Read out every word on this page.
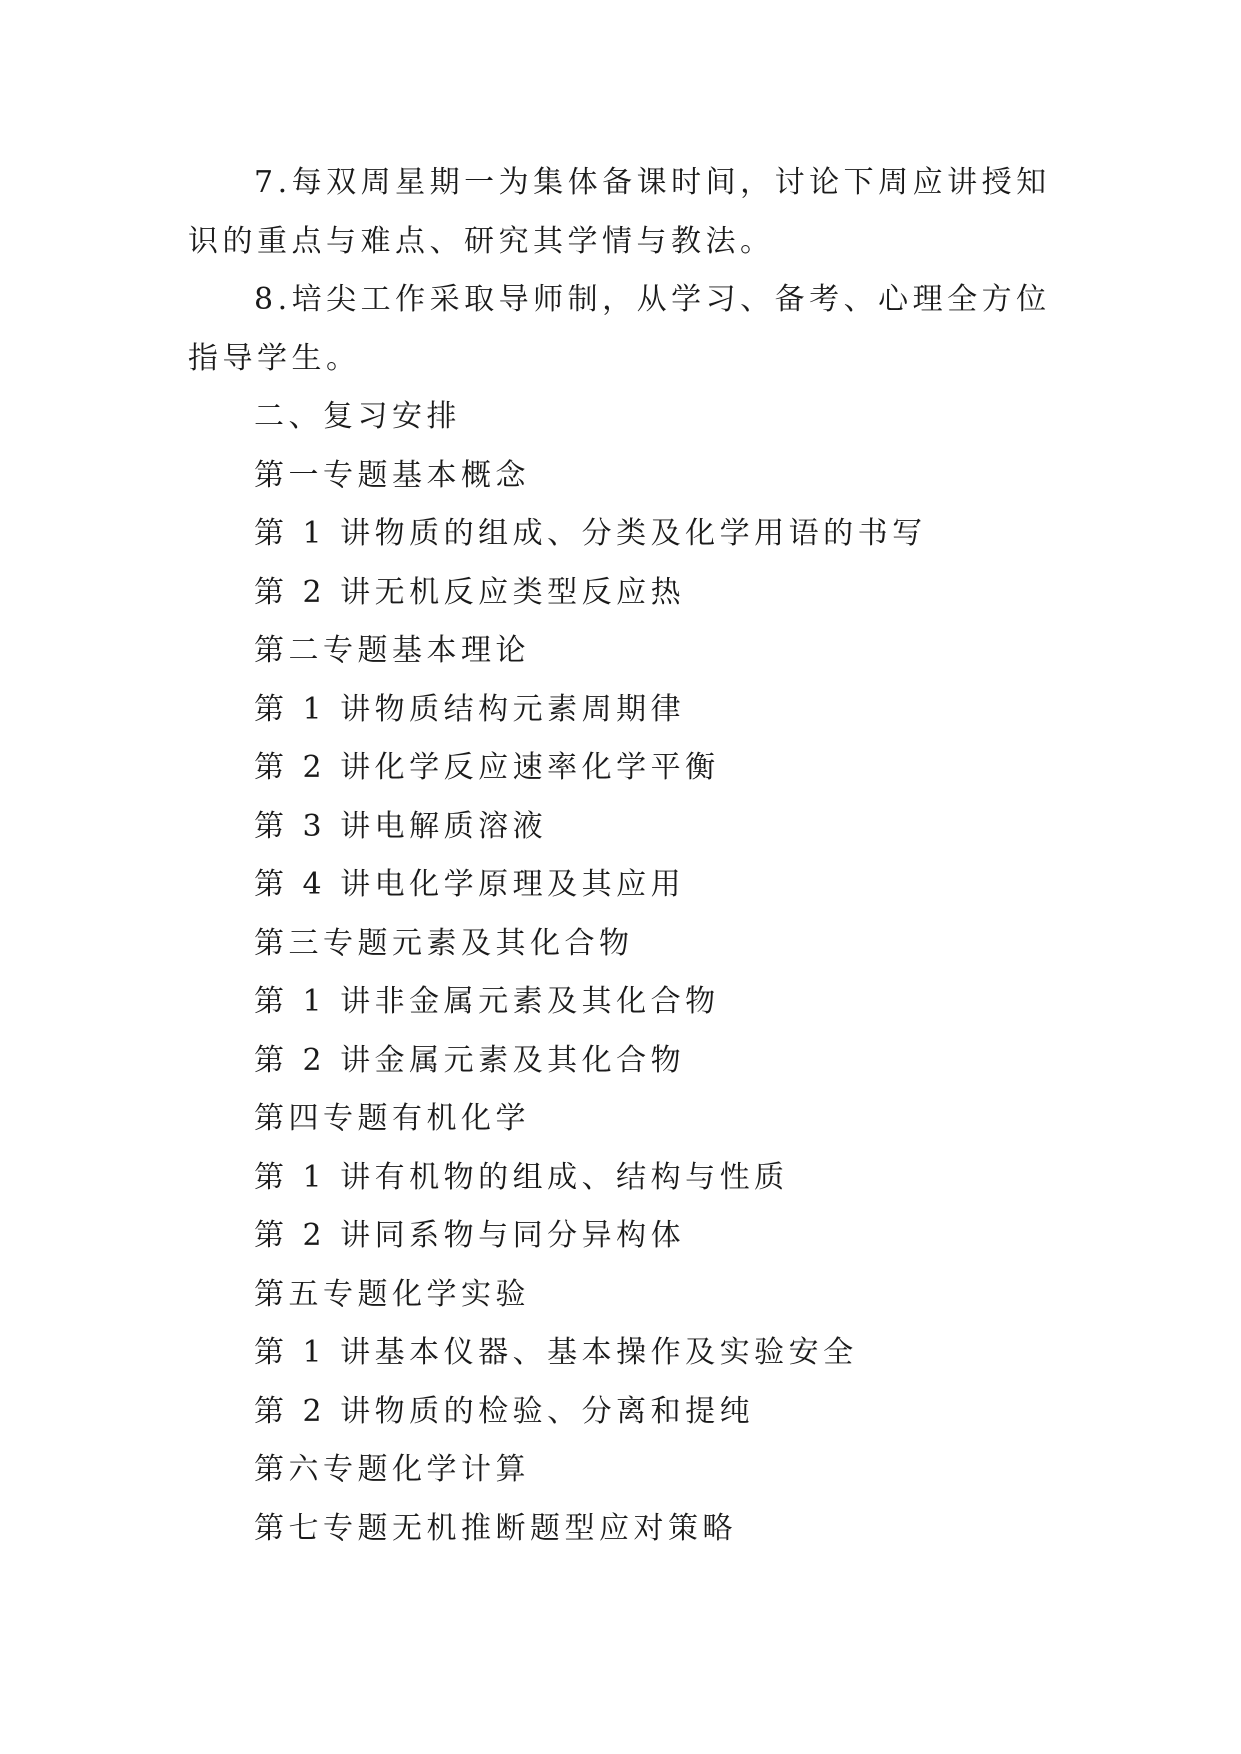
7.每双周星期一为集体备课时间，讨论下周应讲授知识的重点与难点、研究其学情与教法。

8.培尖工作采取导师制，从学习、备考、心理全方位指导学生。

二、复习安排
第一专题基本概念
第 1 讲物质的组成、分类及化学用语的书写
第 2 讲无机反应类型反应热
第二专题基本理论
第 1 讲物质结构元素周期律
第 2 讲化学反应速率化学平衡
第 3 讲电解质溶液
第 4 讲电化学原理及其应用
第三专题元素及其化合物
第 1 讲非金属元素及其化合物
第 2 讲金属元素及其化合物
第四专题有机化学
第 1 讲有机物的组成、结构与性质
第 2 讲同系物与同分异构体
第五专题化学实验
第 1 讲基本仪器、基本操作及实验安全
第 2 讲物质的检验、分离和提纯
第六专题化学计算
第七专题无机推断题型应对策略
